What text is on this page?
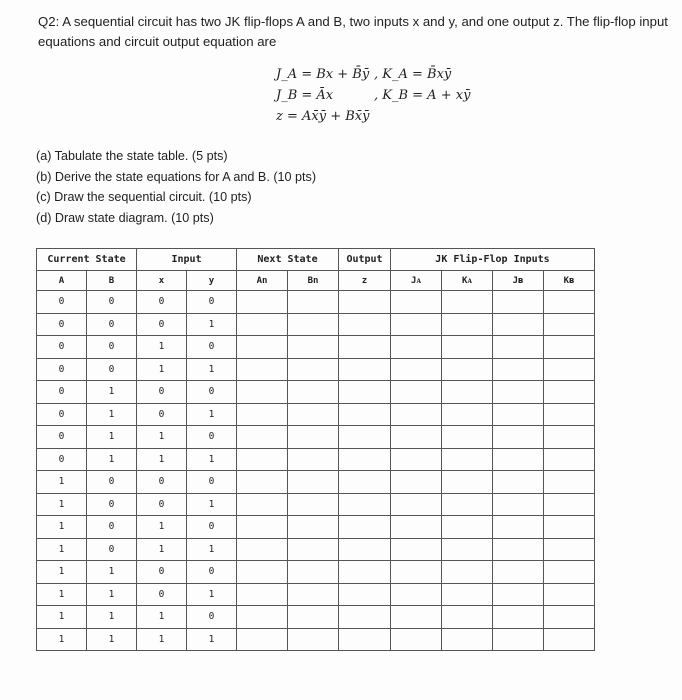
Q2: A sequential circuit has two JK flip-flops A and B, two inputs x and y, and one output z. The flip-flop input equations and circuit output equation are
J_A = Bx + B̄ȳ , K_A = B̄xȳ
J_B = Āx	, K_B = A + xȳ
z = Ax̄ȳ + Bx̄ȳ
(a) Tabulate the state table. (5 pts)
(b) Derive the state equations for A and B. (10 pts)
(c) Draw the sequential circuit. (10 pts)
(d) Draw state diagram. (10 pts)
Current State		Input		Next State		Output	JK Flip-Flop Inputs			
A	B	x	y	An	Bn	z	Jᴀ	Kᴀ	Jʙ	Kʙ
0	0	0	0							
0	0	0	1							
0	0	1	0							
0	0	1	1							
0	1	0	0							
0	1	0	1							
0	1	1	0							
0	1	1	1							
1	0	0	0							
1	0	0	1							
1	0	1	0							
1	0	1	1							
1	1	0	0							
1	1	0	1							
1	1	1	0							
1	1	1	1							
